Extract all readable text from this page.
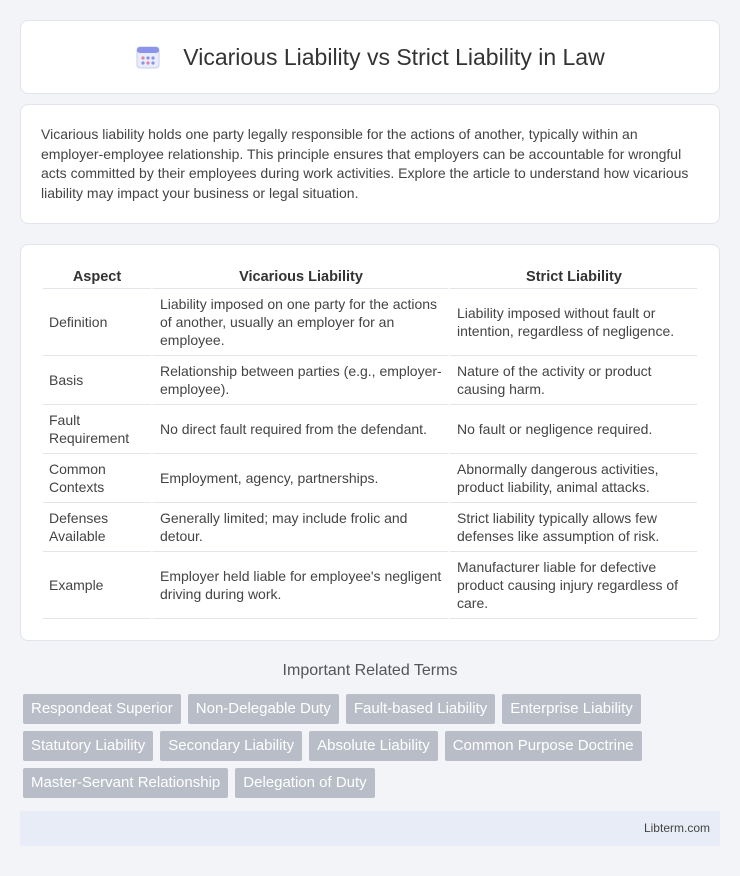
Vicarious Liability vs Strict Liability in Law

Vicarious liability holds one party legally responsible for the actions of another, typically within an employer-employee relationship. This principle ensures that employers can be accountable for wrongful acts committed by their employees during work activities. Explore the article to understand how vicarious liability may impact your business or legal situation.

Aspect	Vicarious Liability	Strict Liability
Definition	Liability imposed on one party for the actions of another, usually an employer for an employee.	Liability imposed without fault or intention, regardless of negligence.
Basis	Relationship between parties (e.g., employer-employee).	Nature of the activity or product causing harm.
Fault Requirement	No direct fault required from the defendant.	No fault or negligence required.
Common Contexts	Employment, agency, partnerships.	Abnormally dangerous activities, product liability, animal attacks.
Defenses Available	Generally limited; may include frolic and detour.	Strict liability typically allows few defenses like assumption of risk.
Example	Employer held liable for employee's negligent driving during work.	Manufacturer liable for defective product causing injury regardless of care.
Important Related Terms
Respondeat Superior	Non-Delegable Duty	Fault-based Liability	Enterprise Liability
Statutory Liability	Secondary Liability	Absolute Liability	Common Purpose Doctrine
Master-Servant Relationship	Delegation of Duty
Libterm.com
